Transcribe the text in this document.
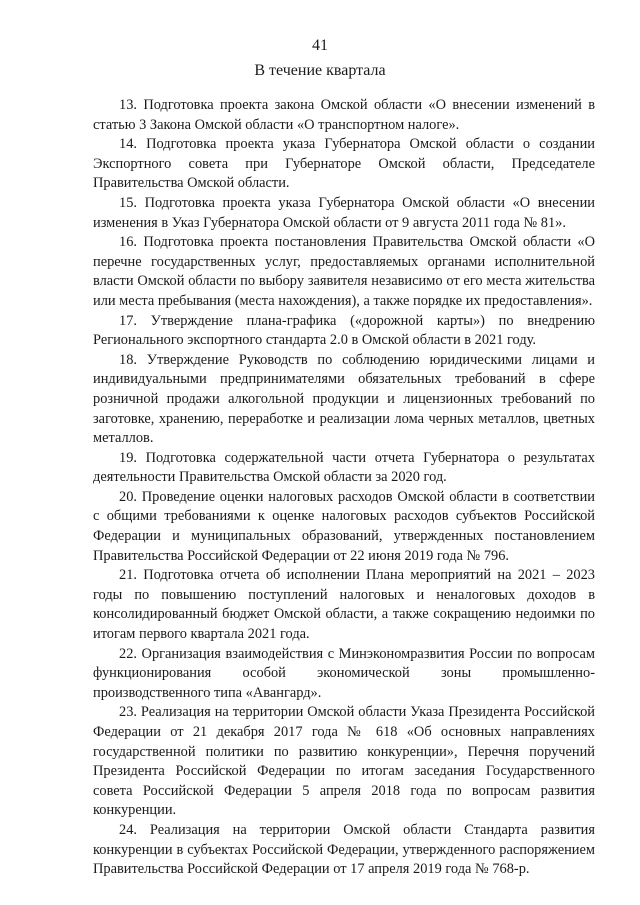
41
В течение квартала

13. Подготовка проекта закона Омской области «О внесении изменений в статью 3 Закона Омской области «О транспортном налоге».

14. Подготовка проекта указа Губернатора Омской области о создании Экспортного совета при Губернаторе Омской области, Председателе Правительства Омской области.

15. Подготовка проекта указа Губернатора Омской области «О внесении изменения в Указ Губернатора Омской области от 9 августа 2011 года № 81».

16. Подготовка проекта постановления Правительства Омской области «О перечне государственных услуг, предоставляемых органами исполнительной власти Омской области по выбору заявителя независимо от его места жительства или места пребывания (места нахождения), а также порядке их предоставления».

17. Утверждение плана-графика («дорожной карты») по внедрению Регионального экспортного стандарта 2.0 в Омской области в 2021 году.

18. Утверждение Руководств по соблюдению юридическими лицами и индивидуальными предпринимателями обязательных требований в сфере розничной продажи алкогольной продукции и лицензионных требований по заготовке, хранению, переработке и реализации лома черных металлов, цветных металлов.

19. Подготовка содержательной части отчета Губернатора о результатах деятельности Правительства Омской области за 2020 год.

20. Проведение оценки налоговых расходов Омской области в соответствии с общими требованиями к оценке налоговых расходов субъектов Российской Федерации и муниципальных образований, утвержденных постановлением Правительства Российской Федерации от 22 июня 2019 года № 796.

21. Подготовка отчета об исполнении Плана мероприятий на 2021 – 2023 годы по повышению поступлений налоговых и неналоговых доходов в консолидированный бюджет Омской области, а также сокращению недоимки по итогам первого квартала 2021 года.

22. Организация взаимодействия с Минэкономразвития России по вопросам функционирования особой экономической зоны промышленно-производственного типа «Авангард».

23. Реализация на территории Омской области Указа Президента Российской Федерации от 21 декабря 2017 года № 618 «Об основных направлениях государственной политики по развитию конкуренции», Перечня поручений Президента Российской Федерации по итогам заседания Государственного совета Российской Федерации 5 апреля 2018 года по вопросам развития конкуренции.

24. Реализация на территории Омской области Стандарта развития конкуренции в субъектах Российской Федерации, утвержденного распоряжением Правительства Российской Федерации от 17 апреля 2019 года № 768-р.
